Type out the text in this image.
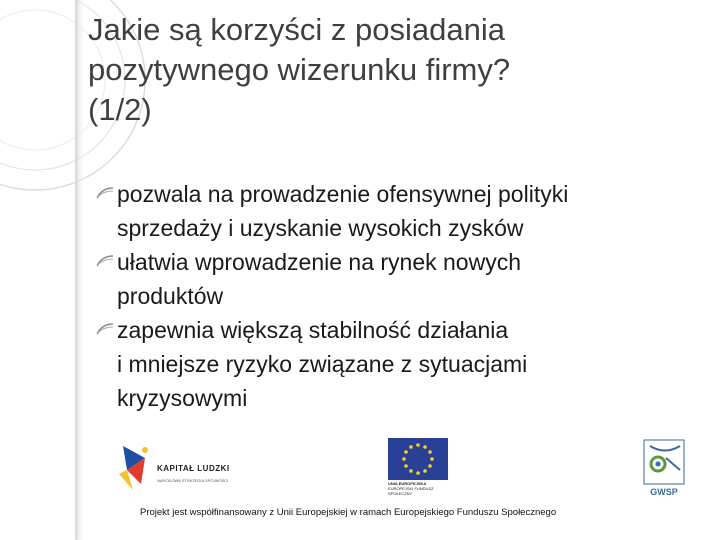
Jakie są korzyści z posiadania
pozytywnego wizerunku firmy?
(1/2)
pozwala na prowadzenie ofensywnej polityki
sprzedaży i uzyskanie wysokich zysków
ułatwia wprowadzenie na rynek nowych
produktów
zapewnia większą stabilność działania
i mniejsze ryzyko związane z sytuacjami
kryzysowymi
KAPITAŁ LUDZKI
NARODOWA STRATEGIA SPÓJNOŚCI
UNIA EUROPEJSKA
EUROPEJSKI FUNDUSZ
SPOŁECZNY	GWSP
Projekt jest współfinansowany z Unii Europejskiej w ramach Europejskiego Funduszu Społecznego
